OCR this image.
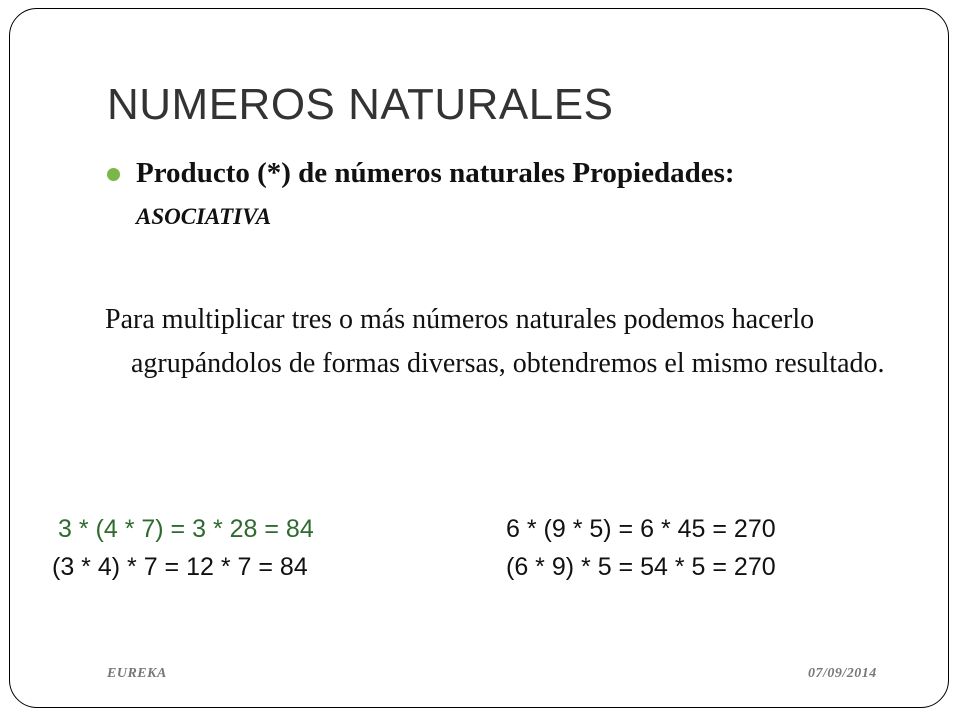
NUMEROS NATURALES
Producto (*) de números naturales Propiedades:
ASOCIATIVA
Para multiplicar tres o más números naturales podemos hacerlo agrupándolos de formas diversas, obtendremos el mismo resultado.
3 * (4 * 7) = 3 * 28 = 84
(3 * 4) * 7 = 12 * 7 = 84
6 * (9 * 5) = 6 * 45 = 270
(6 * 9) * 5 = 54 * 5 = 270
EUREKA	07/09/2014
